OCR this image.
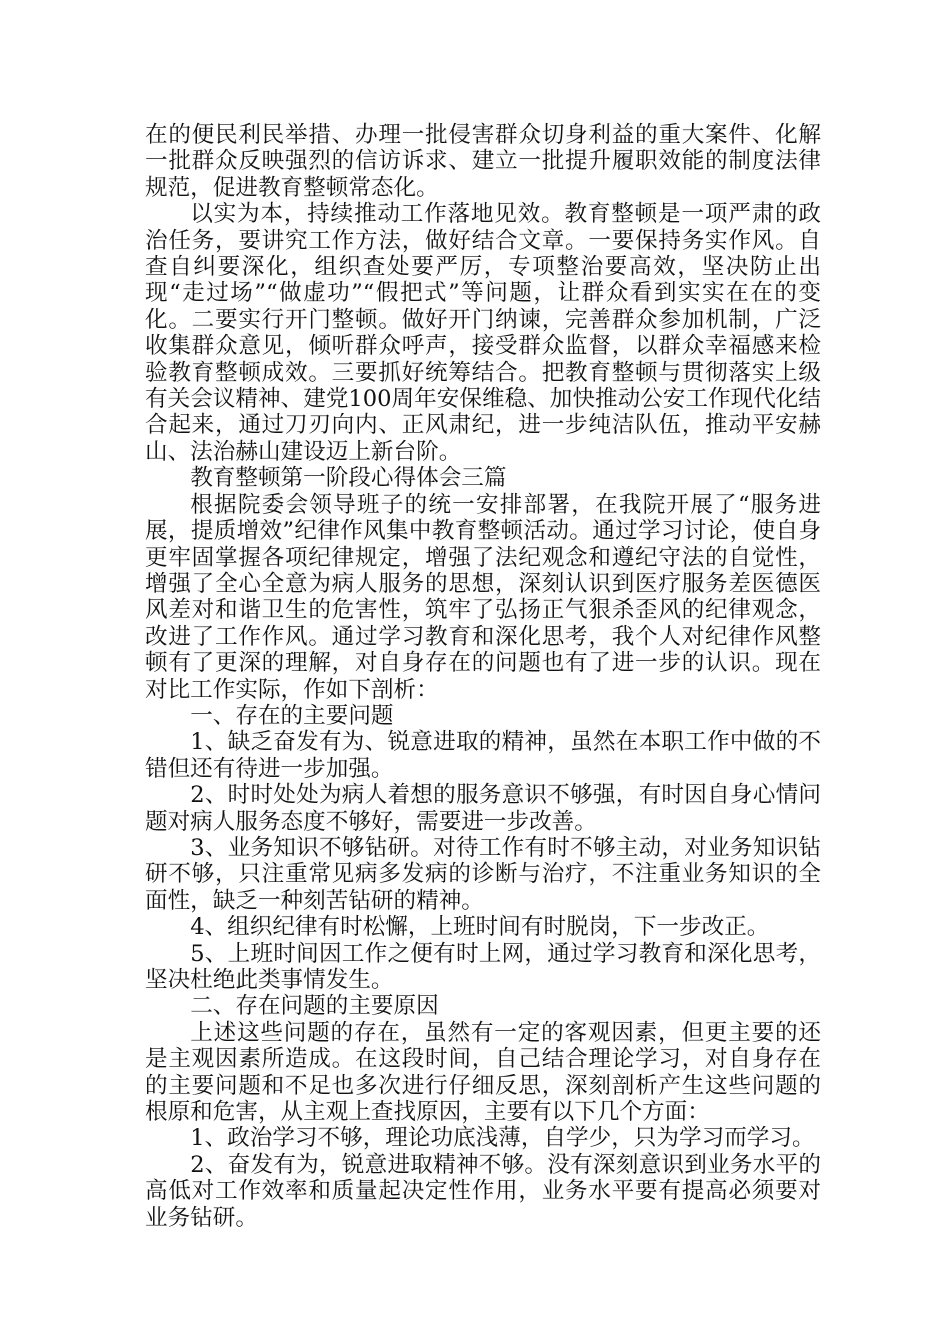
在的便民利民举措、办理一批侵害群众切身利益的重大案件、化解一批群众反映强烈的信访诉求、建立一批提升履职效能的制度法律规范，促进教育整顿常态化。

以实为本，持续推动工作落地见效。教育整顿是一项严肃的政治任务，要讲究工作方法，做好结合文章。一要保持务实作风。自查自纠要深化，组织查处要严厉，专项整治要高效，坚决防止出现“走过场”“做虚功”“假把式”等问题，让群众看到实实在在的变化。二要实行开门整顿。做好开门纳谏，完善群众参加机制，广泛收集群众意见，倾听群众呼声，接受群众监督，以群众幸福感来检验教育整顿成效。三要抓好统筹结合。把教育整顿与贯彻落实上级有关会议精神、建党100周年安保维稳、加快推动公安工作现代化结合起来，通过刀刃向内、正风肃纪，进一步纯洁队伍，推动平安赫山、法治赫山建设迈上新台阶。

教育整顿第一阶段心得体会三篇

根据院委会领导班子的统一安排部署，在我院开展了“服务进展，提质增效”纪律作风集中教育整顿活动。通过学习讨论，使自身更牢固掌握各项纪律规定，增强了法纪观念和遵纪守法的自觉性，增强了全心全意为病人服务的思想，深刻认识到医疗服务差医德医风差对和谐卫生的危害性，筑牢了弘扬正气狠杀歪风的纪律观念，改进了工作作风。通过学习教育和深化思考，我个人对纪律作风整顿有了更深的理解，对自身存在的问题也有了进一步的认识。现在对比工作实际，作如下剖析：

一、存在的主要问题

1、缺乏奋发有为、锐意进取的精神，虽然在本职工作中做的不错但还有待进一步加强。

2、时时处处为病人着想的服务意识不够强，有时因自身心情问题对病人服务态度不够好，需要进一步改善。

3、业务知识不够钻研。对待工作有时不够主动，对业务知识钻研不够，只注重常见病多发病的诊断与治疗，不注重业务知识的全面性，缺乏一种刻苦钻研的精神。

4、组织纪律有时松懈，上班时间有时脱岗，下一步改正。

5、上班时间因工作之便有时上网，通过学习教育和深化思考，坚决杜绝此类事情发生。

二、存在问题的主要原因

上述这些问题的存在，虽然有一定的客观因素，但更主要的还是主观因素所造成。在这段时间，自己结合理论学习，对自身存在的主要问题和不足也多次进行仔细反思，深刻剖析产生这些问题的根原和危害，从主观上查找原因，主要有以下几个方面：

1、政治学习不够，理论功底浅薄，自学少，只为学习而学习。

2、奋发有为，锐意进取精神不够。没有深刻意识到业务水平的高低对工作效率和质量起决定性作用，业务水平要有提高必须要对业务钻研。
